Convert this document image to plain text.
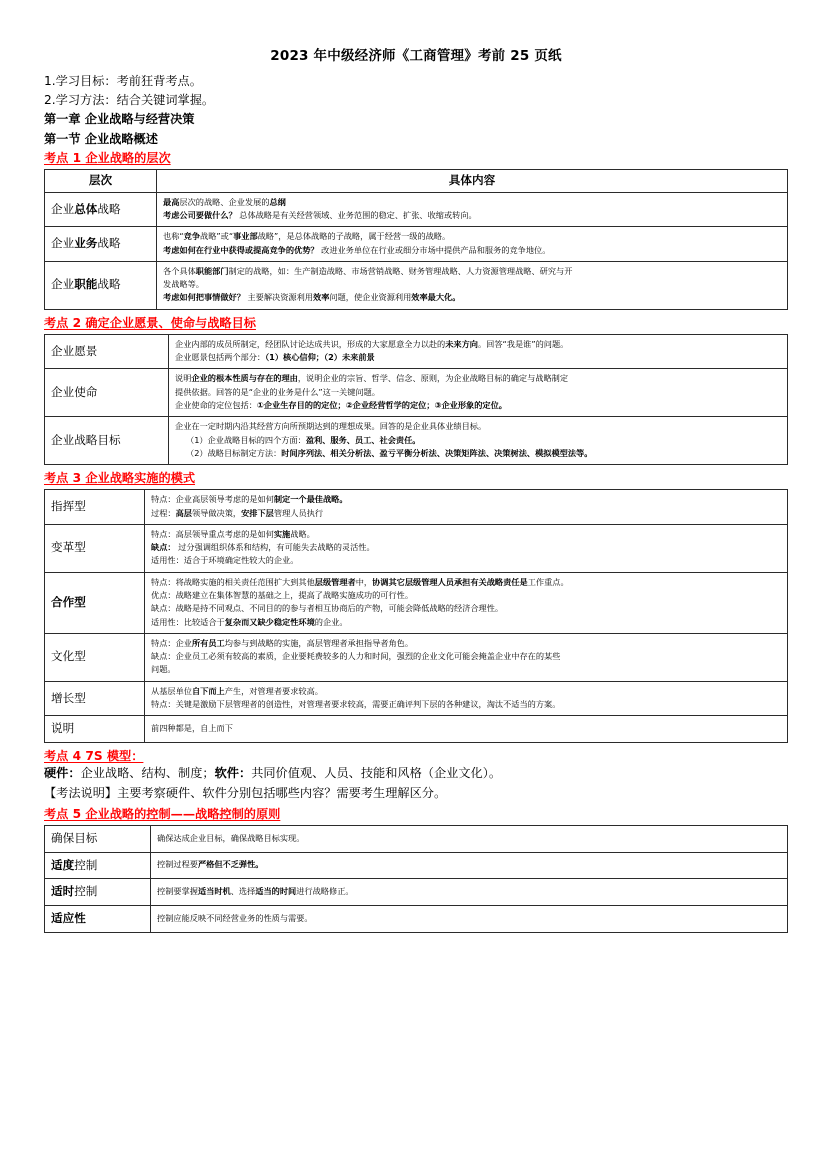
2023 年中级经济师《工商管理》考前 25 页纸
1.学习目标：考前狂背考点。
2.学习方法：结合关键词掌握。
第一章 企业战略与经营决策
第一节 企业战略概述
考点 1 企业战略的层次
层次	具体内容
企业总体战略	最高层次的战略、企业发展的总纲
考虑公司要做什么？ 总体战略是有关经营领域、业务范围的稳定、扩张、收缩或转向。

企业业务战略	也称“竞争战略”或“事业部战略”，是总体战略的子战略，属于经营一级的战略。
考虑如何在行业中获得或提高竞争的优势？ 改进业务单位在行业或细分市场中提供产品和服务的竞争地位。

企业职能战略	各个具体职能部门制定的战略，如：生产制造战略、市场营销战略、财务管理战略、人力资源管理战略、研究与开
发战略等。
考虑如何把事情做好？ 主要解决资源利用效率问题，使企业资源利用效率最大化。
考点 2 确定企业愿景、使命与战略目标
企业愿景	企业内部的成员所制定，经团队讨论达成共识，形成的大家愿意全力以赴的未来方向。回答“我是谁”的问题。
企业愿景包括两个部分：（1）核心信仰；（2）未来前景

企业使命	说明企业的根本性质与存在的理由，说明企业的宗旨、哲学、信念、原则，为企业战略目标的确定与战略制定
提供依据。回答的是“企业的业务是什么”这一关键问题。
企业使命的定位包括：①企业生存目的的定位；②企业经营哲学的定位；③企业形象的定位。

企业战略目标	企业在一定时期内沿其经营方向所预期达到的理想成果。回答的是企业具体业绩目标。
（1）企业战略目标的四个方面：盈利、服务、员工、社会责任。
（2）战略目标制定方法：时间序列法、相关分析法、盈亏平衡分析法、决策矩阵法、决策树法、模拟模型法等。
考点 3 企业战略实施的模式
指挥型	特点：企业高层领导考虑的是如何制定一个最佳战略。
过程：高层领导做决策，安排下层管理人员执行

变革型	特点：高层领导重点考虑的是如何实施战略。
缺点： 过分强调组织体系和结构，有可能失去战略的灵活性。
适用性：适合于环境确定性较大的企业。

合作型	特点：将战略实施的相关责任范围扩大到其他层级管理者中，协调其它层级管理人员承担有关战略责任是工作重点。
优点：战略建立在集体智慧的基础之上，提高了战略实施成功的可行性。
缺点：战略是持不同观点、不同目的的参与者相互协商后的产物，可能会降低战略的经济合理性。
适用性：比较适合于复杂而又缺少稳定性环境的企业。

文化型	特点：企业所有员工均参与到战略的实施，高层管理者承担指导者角色。
缺点：企业员工必须有较高的素质，企业要耗费较多的人力和时间，强烈的企业文化可能会掩盖企业中存在的某些
问题。

增长型	从基层单位自下而上产生，对管理者要求较高。
特点：关键是激励下层管理者的创造性，对管理者要求较高，需要正确评判下层的各种建议，淘汰不适当的方案。

说明	前四种都是，自上而下
考点 4 7S 模型：
硬件：企业战略、结构、制度；软件：共同价值观、人员、技能和风格（企业文化）。
【考法说明】主要考察硬件、软件分别包括哪些内容？需要考生理解区分。
考点 5 企业战略的控制——战略控制的原则
确保目标	确保达成企业目标，确保战略目标实现。

适度控制	控制过程要严格但不乏弹性。

适时控制	控制要掌握适当时机、选择适当的时间进行战略修正。

适应性	控制应能反映不同经营业务的性质与需要。
